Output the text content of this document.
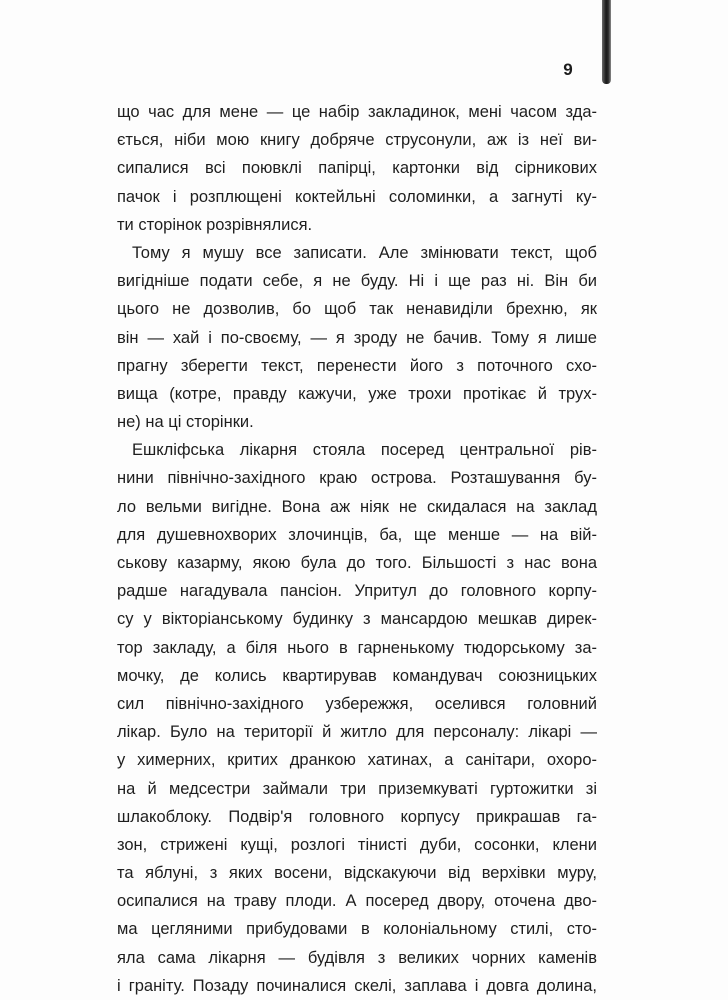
9
що час для мене — це набір закладинок, мені часом зда-
ється, ніби мою книгу добряче струсонули, аж із неї ви-
сипалися всі поювклі папірці, картонки від сірникових
пачок і розплющені коктейльні соломинки, а загнуті ку-
ти сторінок розрівнялися.
Тому я мушу все записати. Але змінювати текст, щоб
вигідніше подати себе, я не буду. Ні і ще раз ні. Він би
цього не дозволив, бо щоб так ненавиділи брехню, як
він — хай і по-своєму, — я зроду не бачив. Тому я лише
прагну зберегти текст, перенести його з поточного схо-
вища (котре, правду кажучи, уже трохи протікає й трух-
не) на ці сторінки.
Ешкліфська лікарня стояла посеред центральної рів-
нини північно-західного краю острова. Розташування бу-
ло вельми вигідне. Вона аж ніяк не скидалася на заклад
для душевнохворих злочинців, ба, ще менше — на вій-
ськову казарму, якою була до того. Більшості з нас вона
радше нагадувала пансіон. Упритул до головного корпу-
су у вікторіанському будинку з мансардою мешкав дирек-
тор закладу, а біля нього в гарненькому тюдорському за-
мочку, де колись квартирував командувач союзницьких
сил північно-західного узбережжя, оселився головний
лікар. Було на території й житло для персоналу: лікарі —
у химерних, критих дранкою хатинах, а санітари, охоро-
на й медсестри займали три приземкуваті гуртожитки зі
шлакоблоку. Подвір'я головного корпусу прикрашав га-
зон, стрижені кущі, розлогі тінисті дуби, сосонки, клени
та яблуні, з яких восени, відскакуючи від верхівки муру,
осипалися на траву плоди. А посеред двору, оточена дво-
ма цегляними прибудовами в колоніальному стилі, сто-
яла сама лікарня — будівля з великих чорних каменів
і граніту. Позаду починалися скелі, заплава і довга долина,
